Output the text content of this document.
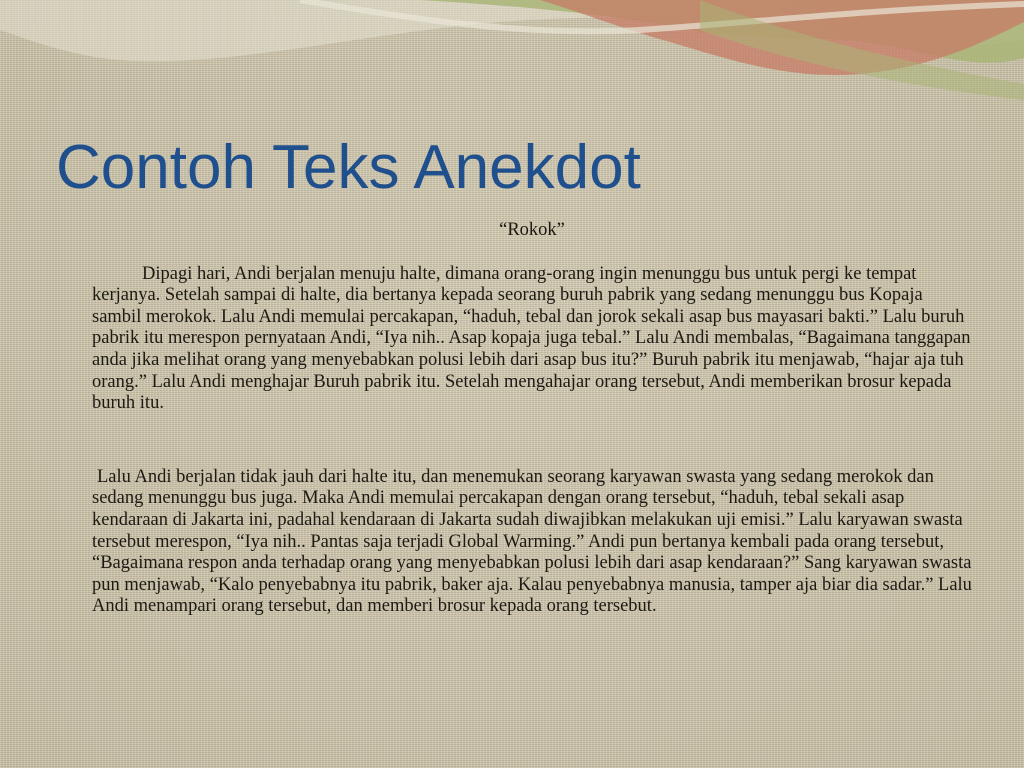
Contoh Teks Anekdot

“Rokok”

Dipagi hari, Andi berjalan menuju halte, dimana orang-orang ingin menunggu bus untuk pergi ke tempat kerjanya. Setelah sampai di halte, dia bertanya kepada seorang buruh pabrik yang sedang menunggu bus Kopaja sambil merokok. Lalu Andi memulai percakapan, “haduh, tebal dan jorok sekali asap bus mayasari bakti.” Lalu buruh pabrik itu merespon pernyataan Andi, “Iya nih.. Asap kopaja juga tebal.” Lalu Andi membalas, “Bagaimana tanggapan anda jika melihat orang yang menyebabkan polusi lebih dari asap bus itu?” Buruh pabrik itu menjawab, “hajar aja tuh orang.” Lalu Andi menghajar Buruh pabrik itu. Setelah mengahajar orang tersebut, Andi memberikan brosur kepada buruh itu.

Lalu Andi berjalan tidak jauh dari halte itu, dan menemukan seorang karyawan swasta yang sedang merokok dan sedang menunggu bus juga. Maka Andi memulai percakapan dengan orang tersebut, “haduh, tebal sekali asap kendaraan di Jakarta ini, padahal kendaraan di Jakarta sudah diwajibkan melakukan uji emisi.” Lalu karyawan swasta tersebut merespon, “Iya nih.. Pantas saja terjadi Global Warming.” Andi pun bertanya kembali pada orang tersebut, “Bagaimana respon anda terhadap orang yang menyebabkan polusi lebih dari asap kendaraan?” Sang karyawan swasta pun menjawab, “Kalo penyebabnya itu pabrik, baker aja. Kalau penyebabnya manusia, tamper aja biar dia sadar.” Lalu Andi menampari orang tersebut, dan memberi brosur kepada orang tersebut.
